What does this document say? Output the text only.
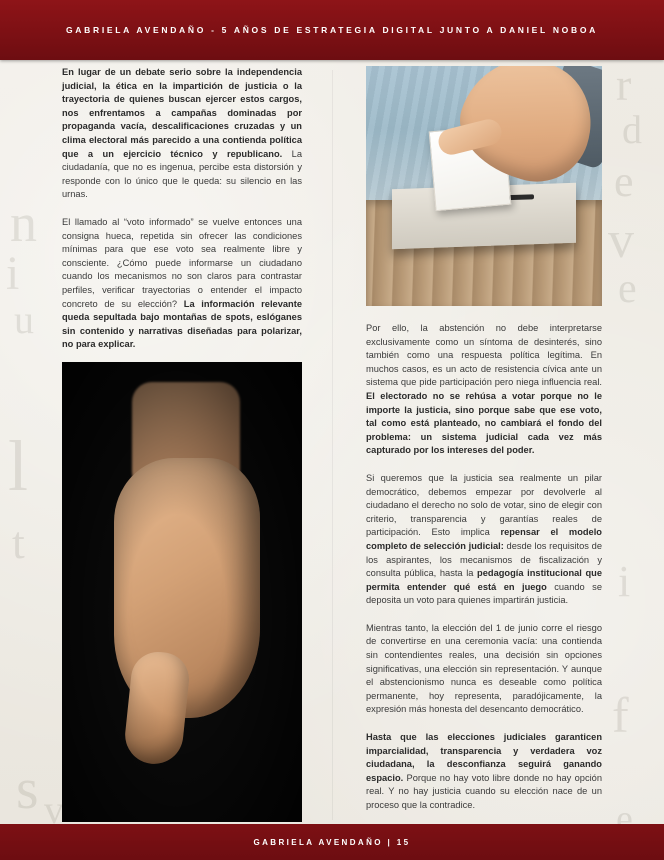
r
d
e
v
e
n
i
u
l
t
s v
i
f
e
GABRIELA AVENDAÑO - 5 AÑOS DE ESTRATEGIA DIGITAL JUNTO A DANIEL NOBOA

En lugar de un debate serio sobre la independencia judicial, la ética en la impartición de justicia o la trayectoria de quienes buscan ejercer estos cargos, nos enfrentamos a campañas dominadas por propaganda vacía, descalificaciones cruzadas y un clima electoral más parecido a una contienda política que a un ejercicio técnico y republicano. La ciudadanía, que no es ingenua, percibe esta distorsión y responde con lo único que le queda: su silencio en las urnas.

El llamado al “voto informado” se vuelve entonces una consigna hueca, repetida sin ofrecer las condiciones mínimas para que ese voto sea realmente libre y consciente. ¿Cómo puede informarse un ciudadano cuando los mecanismos no son claros para contrastar perfiles, verificar trayectorias o entender el impacto concreto de su elección? La información relevante queda sepultada bajo montañas de spots, eslóganes sin contenido y narrativas diseñadas para polarizar, no para explicar.

Por ello, la abstención no debe interpretarse exclusivamente como un síntoma de desinterés, sino también como una respuesta política legítima. En muchos casos, es un acto de resistencia cívica ante un sistema que pide participación pero niega influencia real. El electorado no se rehúsa a votar porque no le importe la justicia, sino porque sabe que ese voto, tal como está planteado, no cambiará el fondo del problema: un sistema judicial cada vez más capturado por los intereses del poder.

Si queremos que la justicia sea realmente un pilar democrático, debemos empezar por devolverle al ciudadano el derecho no solo de votar, sino de elegir con criterio, transparencia y garantías reales de participación. Esto implica repensar el modelo completo de selección judicial: desde los requisitos de los aspirantes, los mecanismos de fiscalización y consulta pública, hasta la pedagogía institucional que permita entender qué está en juego cuando se deposita un voto para quienes impartirán justicia.

Mientras tanto, la elección del 1 de junio corre el riesgo de convertirse en una ceremonia vacía: una contienda sin contendientes reales, una decisión sin opciones significativas, una elección sin representación. Y aunque el abstencionismo nunca es deseable como política permanente, hoy representa, paradójicamente, la expresión más honesta del desencanto democrático.

Hasta que las elecciones judiciales garanticen imparcialidad, transparencia y verdadera voz ciudadana, la desconfianza seguirá ganando espacio. Porque no hay voto libre donde no hay opción real. Y no hay justicia cuando su elección nace de un proceso que la contradice.

GABRIELA AVENDAÑO | 15
